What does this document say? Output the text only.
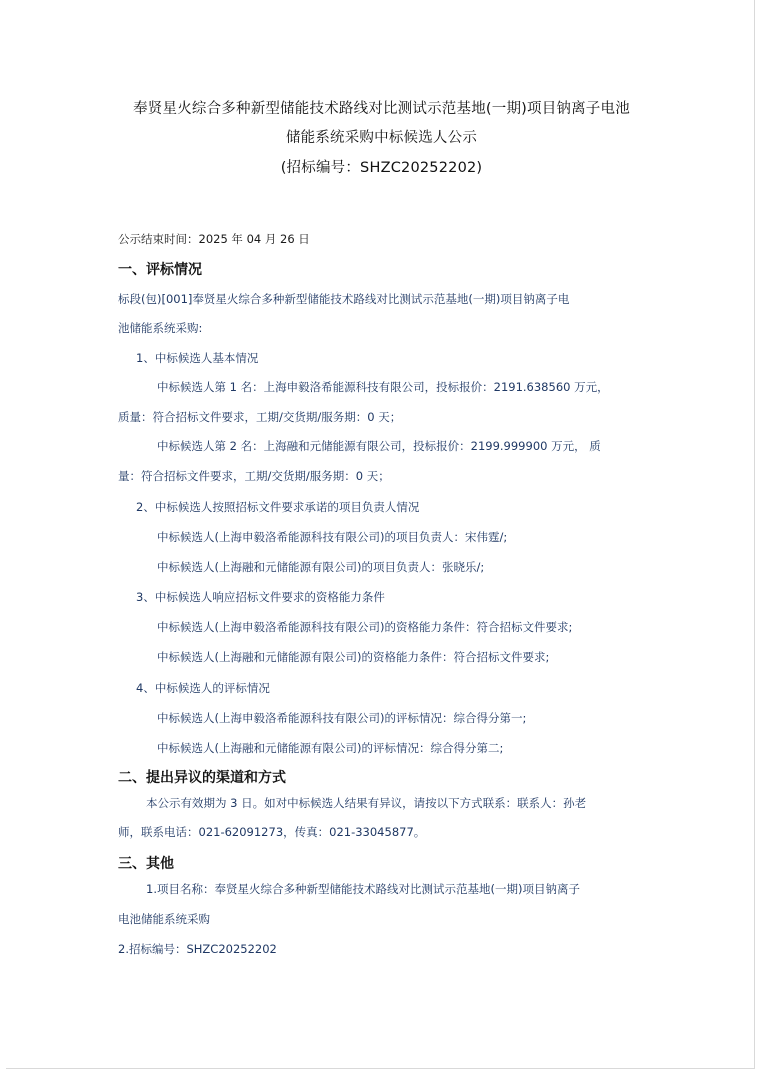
奉贤星火综合多种新型储能技术路线对比测试示范基地(一期)项目钠离子电池
储能系统采购中标候选人公示
(招标编号：SHZC20252202)
公示结束时间：2025 年 04 月 26 日
一、评标情况
标段(包)[001]奉贤星火综合多种新型储能技术路线对比测试示范基地(一期)项目钠离子电
池储能系统采购:
1、中标候选人基本情况
中标候选人第 1 名：上海申毅洛希能源科技有限公司，投标报价：2191.638560 万元，
质量：符合招标文件要求，工期/交货期/服务期：0 天；
中标候选人第 2 名：上海融和元储能源有限公司，投标报价：2199.999900 万元， 质
量：符合招标文件要求，工期/交货期/服务期：0 天；
2、中标候选人按照招标文件要求承诺的项目负责人情况
中标候选人(上海申毅洛希能源科技有限公司)的项目负责人：宋伟霆/;
中标候选人(上海融和元储能源有限公司)的项目负责人：张晓乐/;
3、中标候选人响应招标文件要求的资格能力条件
中标候选人(上海申毅洛希能源科技有限公司)的资格能力条件：符合招标文件要求;
中标候选人(上海融和元储能源有限公司)的资格能力条件：符合招标文件要求;
4、中标候选人的评标情况
中标候选人(上海申毅洛希能源科技有限公司)的评标情况：综合得分第一;
中标候选人(上海融和元储能源有限公司)的评标情况：综合得分第二;
二、提出异议的渠道和方式
本公示有效期为 3 日。如对中标候选人结果有异议，请按以下方式联系：联系人：孙老
师，联系电话：021-62091273，传真：021-33045877。
三、其他
1.项目名称：奉贤星火综合多种新型储能技术路线对比测试示范基地(一期)项目钠离子
电池储能系统采购
2.招标编号：SHZC20252202
